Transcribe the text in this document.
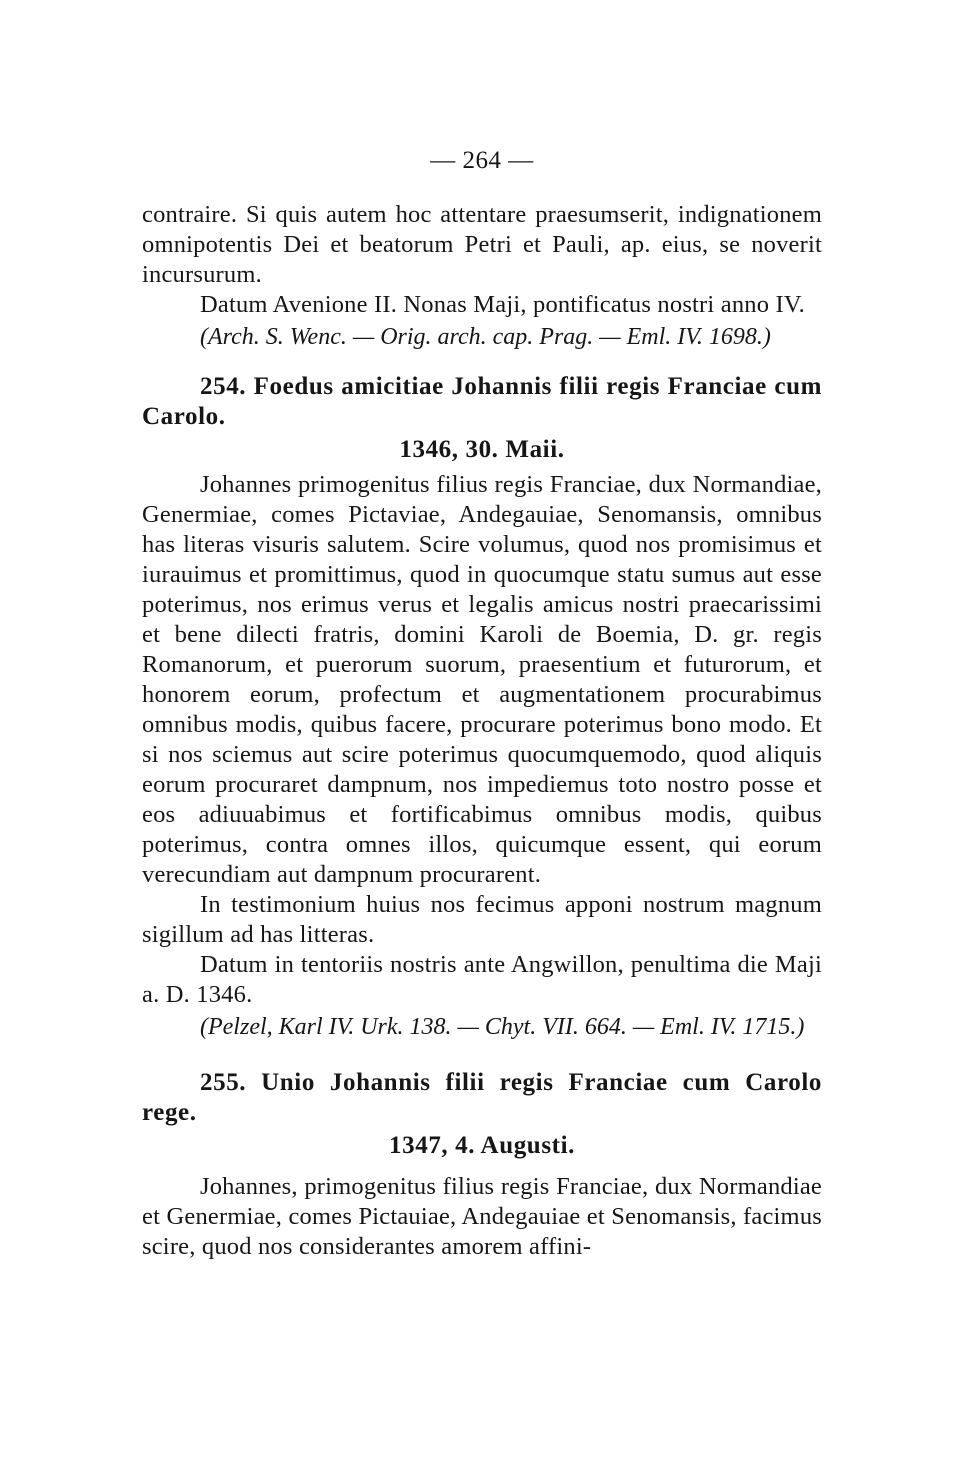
— 264 —

contraire. Si quis autem hoc attentare praesumserit, indignationem omnipotentis Dei et beatorum Petri et Pauli, ap. eius, se noverit incursurum.

Datum Avenione II. Nonas Maji, pontificatus nostri anno IV.

(Arch. S. Wenc. — Orig. arch. cap. Prag. — Eml. IV. 1698.)

254. Foedus amicitiae Johannis filii regis Franciae cum Carolo.
1346, 30. Maii.

Johannes primogenitus filius regis Franciae, dux Normandiae, Genermiae, comes Pictaviae, Andegauiae, Senomansis, omnibus has literas visuris salutem. Scire volumus, quod nos promisimus et iurauimus et promittimus, quod in quocumque statu sumus aut esse poterimus, nos erimus verus et legalis amicus nostri praecarissimi et bene dilecti fratris, domini Karoli de Boemia, D. gr. regis Romanorum, et puerorum suorum, praesentium et futurorum, et honorem eorum, profectum et augmentationem procurabimus omnibus modis, quibus facere, procurare poterimus bono modo. Et si nos sciemus aut scire poterimus quocumquemodo, quod aliquis eorum procuraret dampnum, nos impediemus toto nostro posse et eos adiuuabimus et fortificabimus omnibus modis, quibus poterimus, contra omnes illos, quicumque essent, qui eorum verecundiam aut dampnum procurarent.

In testimonium huius nos fecimus apponi nostrum magnum sigillum ad has litteras.

Datum in tentoriis nostris ante Angwillon, penultima die Maji a. D. 1346.

(Pelzel, Karl IV. Urk. 138. — Chyt. VII. 664. — Eml. IV. 1715.)

255. Unio Johannis filii regis Franciae cum Carolo rege.
1347, 4. Augusti.

Johannes, primogenitus filius regis Franciae, dux Normandiae et Genermiae, comes Pictauiae, Andegauiae et Senomansis, facimus scire, quod nos considerantes amorem affini-
